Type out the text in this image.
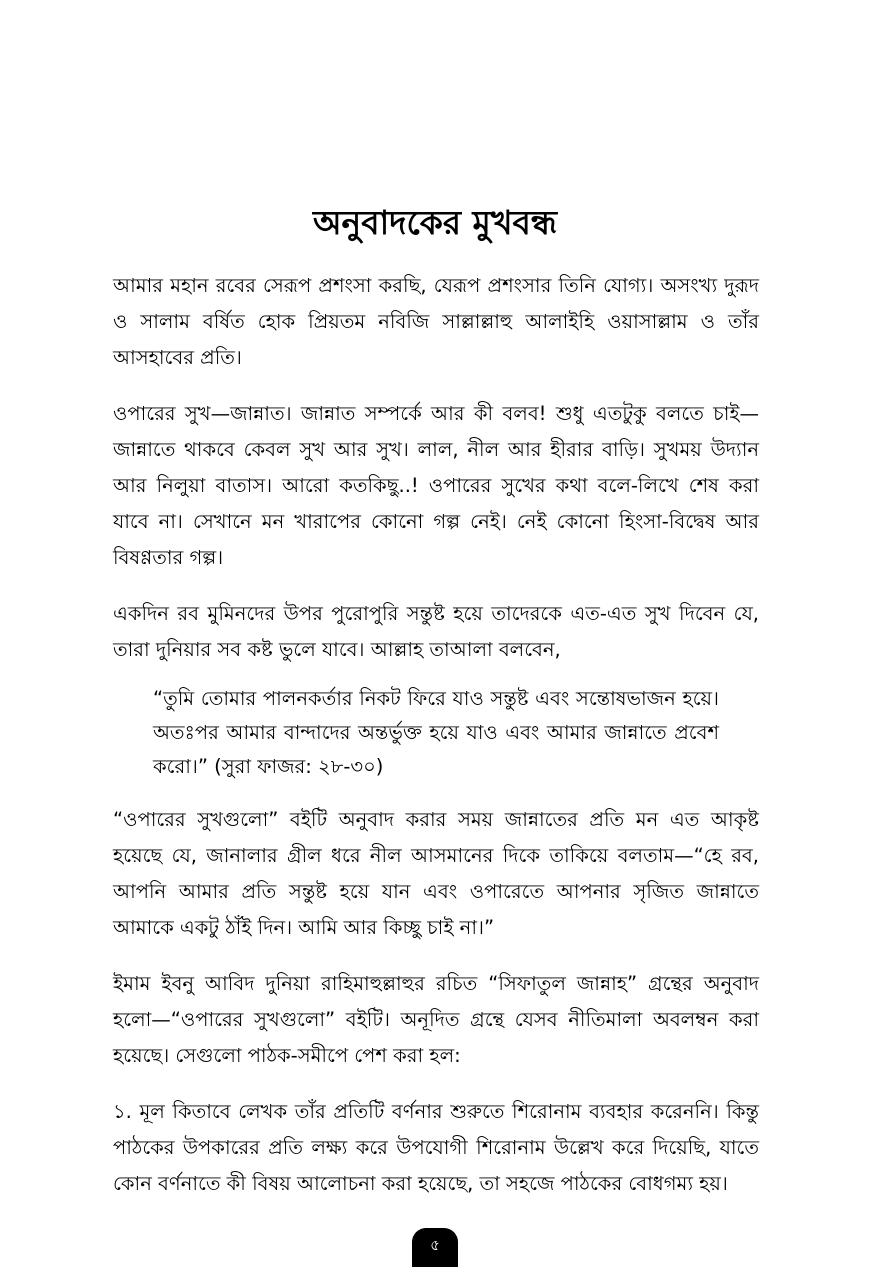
অনুবাদকের মুখবন্ধ

আমার মহান রবের সেরূপ প্রশংসা করছি, যেরূপ প্রশংসার তিনি যোগ্য। অসংখ্য দুরূদ ও সালাম বর্ষিত হোক প্রিয়তম নবিজি সাল্লাল্লাহু আলাইহি ওয়াসাল্লাম ও তাঁর আসহাবের প্রতি।

ওপারের সুখ—জান্নাত। জান্নাত সম্পর্কে আর কী বলব! শুধু এতটুকু বলতে চাই—জান্নাতে থাকবে কেবল সুখ আর সুখ। লাল, নীল আর হীরার বাড়ি। সুখময় উদ্যান আর নিলুয়া বাতাস। আরো কতকিছু..! ওপারের সুখের কথা বলে-লিখে শেষ করা যাবে না। সেখানে মন খারাপের কোনো গল্প নেই। নেই কোনো হিংসা-বিদ্বেষ আর বিষণ্ণতার গল্প।

একদিন রব মুমিনদের উপর পুরোপুরি সন্তুষ্ট হয়ে তাদেরকে এত-এত সুখ দিবেন যে, তারা দুনিয়ার সব কষ্ট ভুলে যাবে। আল্লাহ তাআলা বলবেন,

“তুমি তোমার পালনকর্তার নিকট ফিরে যাও সন্তুষ্ট এবং সন্তোষভাজন হয়ে। অতঃপর আমার বান্দাদের অন্তর্ভুক্ত হয়ে যাও এবং আমার জান্নাতে প্রবেশ করো।” (সুরা ফাজর: ২৮-৩০)

“ওপারের সুখগুলো” বইটি অনুবাদ করার সময় জান্নাতের প্রতি মন এত আকৃষ্ট হয়েছে যে, জানালার গ্রীল ধরে নীল আসমানের দিকে তাকিয়ে বলতাম—“হে রব, আপনি আমার প্রতি সন্তুষ্ট হয়ে যান এবং ওপারেতে আপনার সৃজিত জান্নাতে আমাকে একটু ঠাঁই দিন। আমি আর কিচ্ছু চাই না।”

ইমাম ইবনু আবিদ দুনিয়া রাহিমাহুল্লাহুর রচিত “সিফাতুল জান্নাহ” গ্রন্থের অনুবাদ হলো—“ওপারের সুখগুলো” বইটি। অনূদিত গ্রন্থে যেসব নীতিমালা অবলম্বন করা হয়েছে। সেগুলো পাঠক-সমীপে পেশ করা হল:

১. মূল কিতাবে লেখক তাঁর প্রতিটি বর্ণনার শুরুতে শিরোনাম ব্যবহার করেননি। কিন্তু পাঠকের উপকারের প্রতি লক্ষ্য করে উপযোগী শিরোনাম উল্লেখ করে দিয়েছি, যাতে কোন বর্ণনাতে কী বিষয় আলোচনা করা হয়েছে, তা সহজে পাঠকের বোধগম্য হয়।

৫
